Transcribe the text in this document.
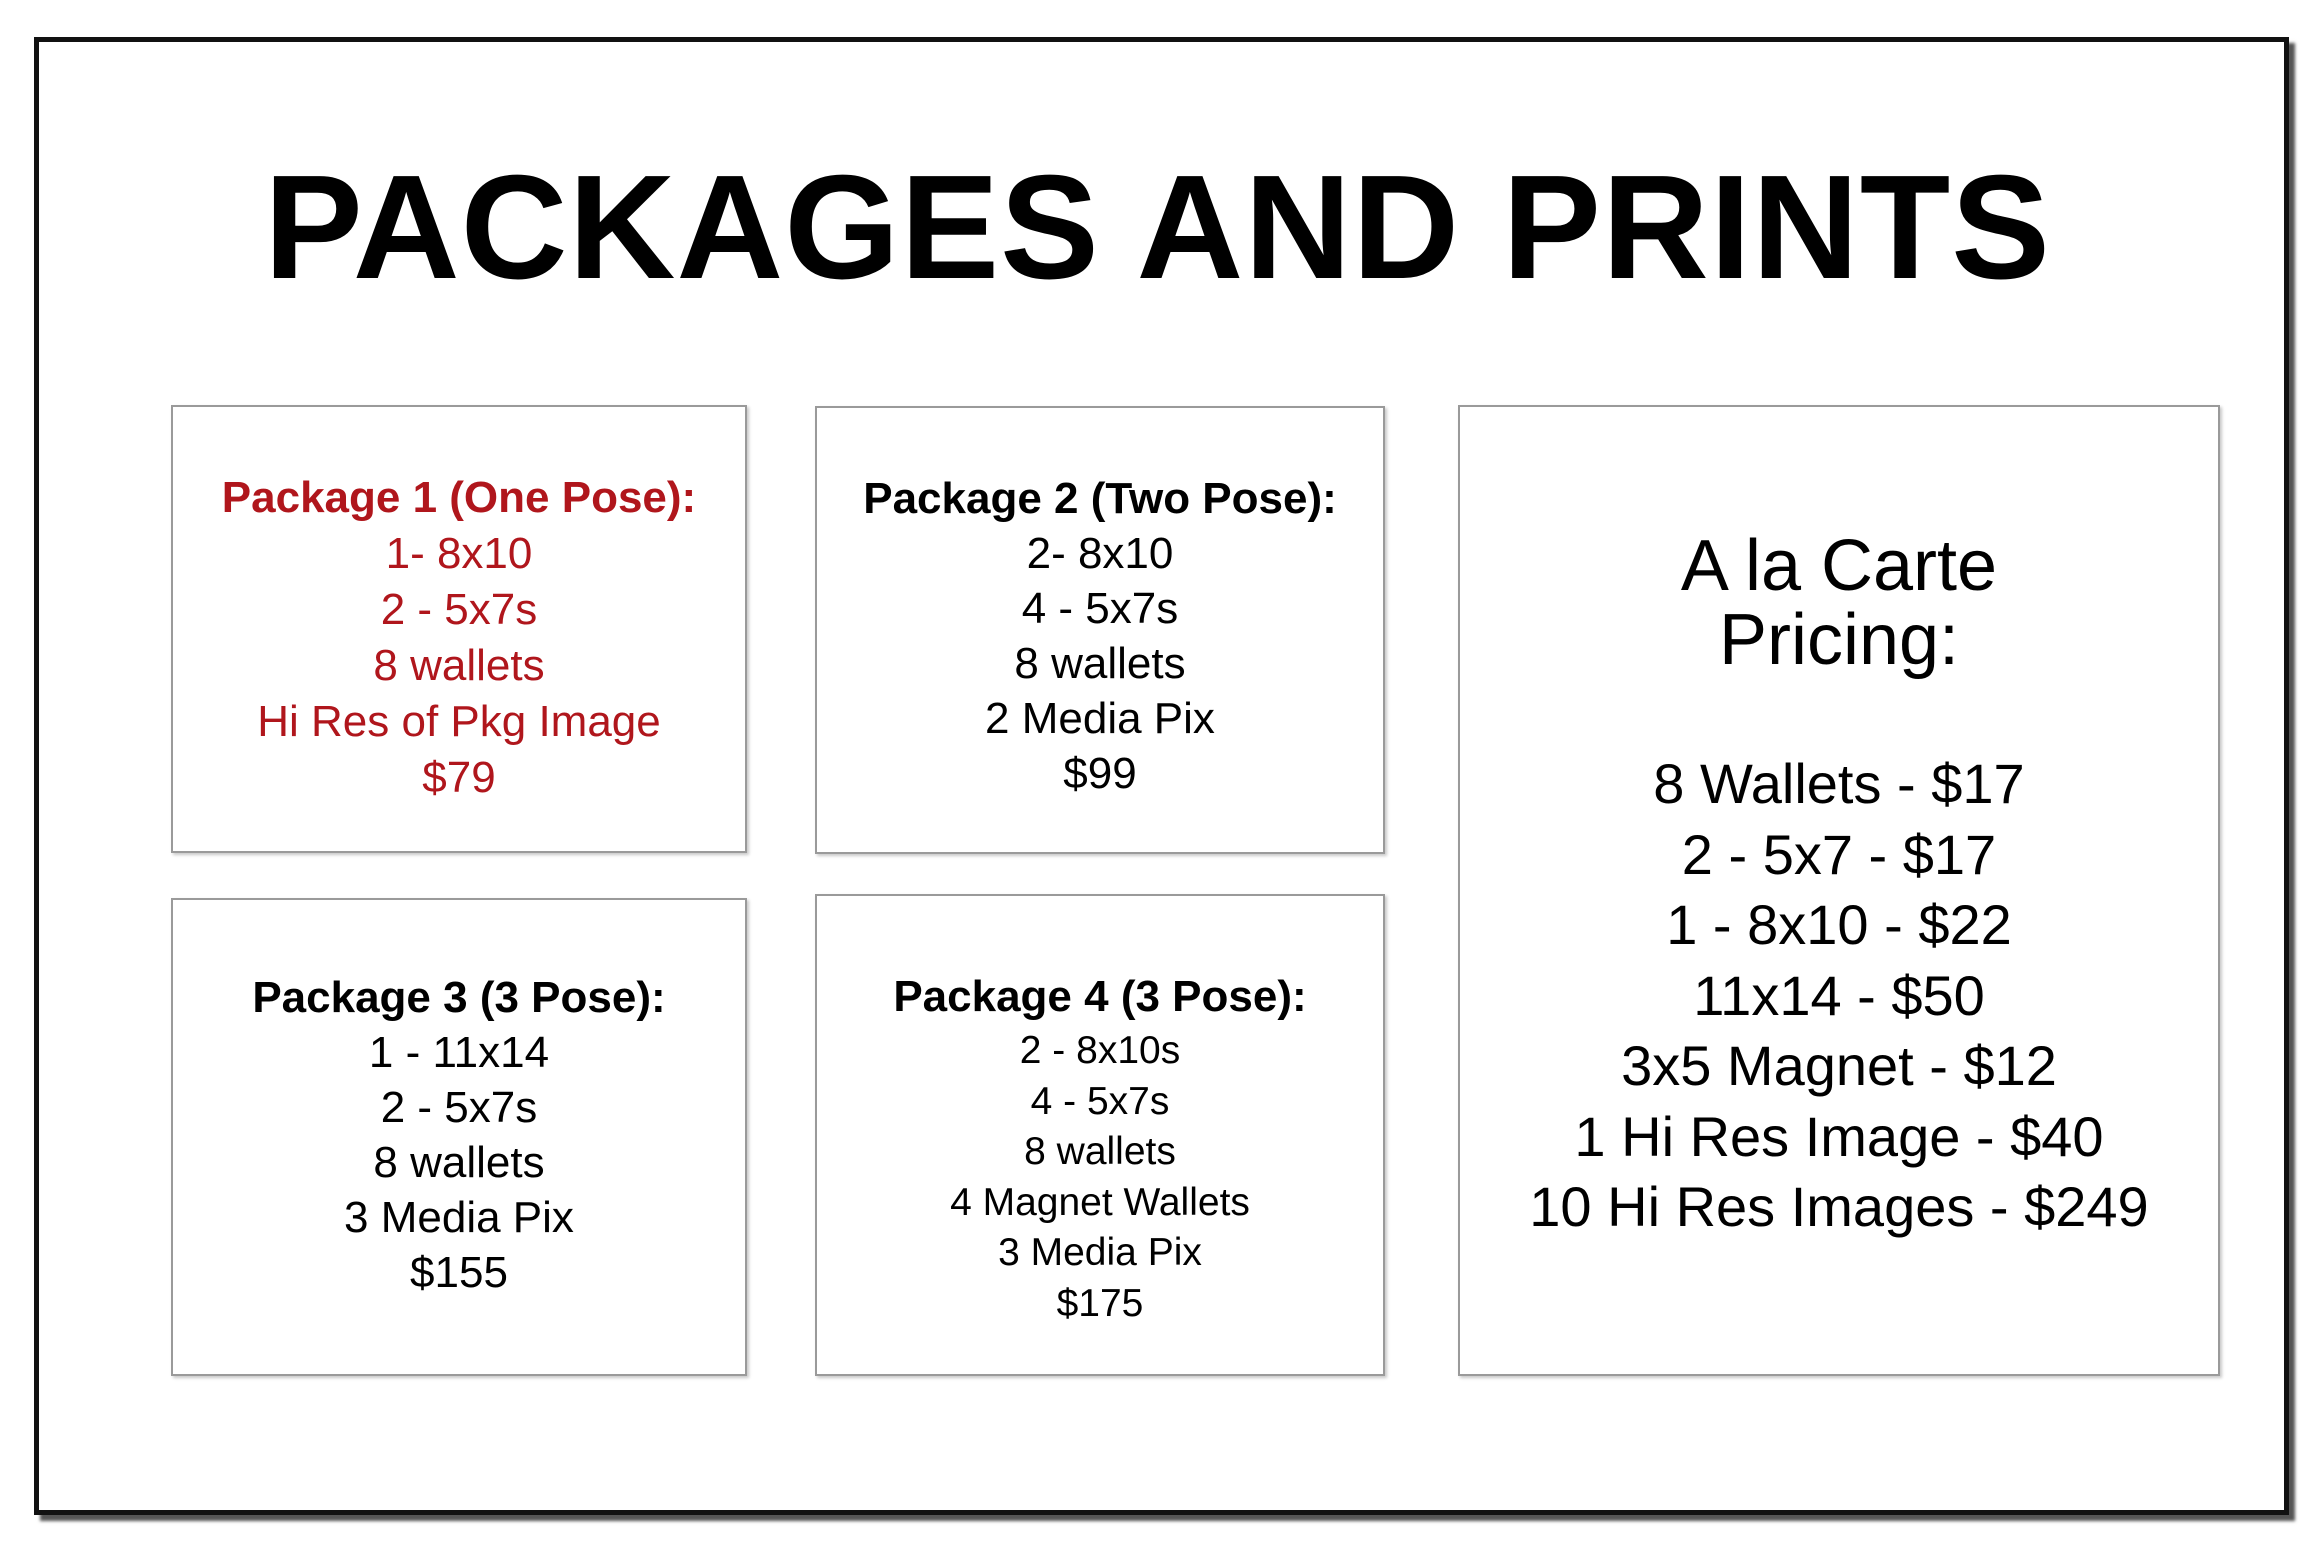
PACKAGES AND PRINTS
Package 1 (One Pose):
1- 8x10
2 - 5x7s
8 wallets
Hi Res of Pkg Image
$79
Package 2 (Two Pose):
2- 8x10
4 - 5x7s
8 wallets
2 Media Pix
$99
Package 3 (3 Pose):
1 - 11x14
2 - 5x7s
8 wallets
3 Media Pix
$155
Package 4 (3 Pose):
2 - 8x10s
4 - 5x7s
8 wallets
4 Magnet Wallets
3 Media Pix
$175
A la Carte
Pricing:
8 Wallets - $17
2 - 5x7 - $17
1 - 8x10 - $22
11x14 - $50
3x5 Magnet - $12
1 Hi Res Image - $40
10 Hi Res Images - $249
